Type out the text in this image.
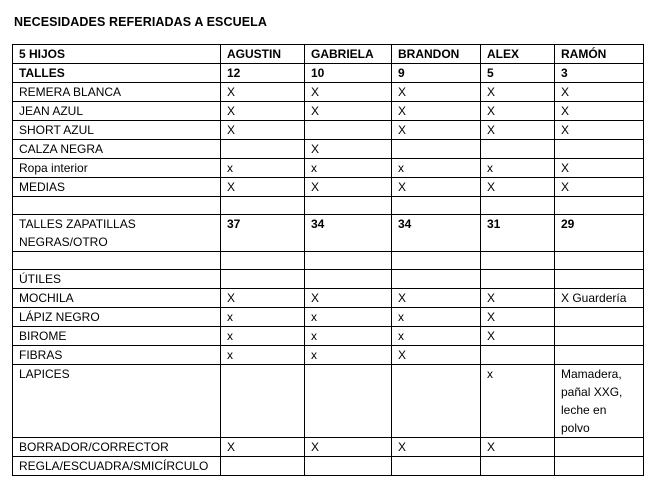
NECESIDADES REFERIADAS A ESCUELA
5 HIJOS	AGUSTIN	GABRIELA	BRANDON	ALEX	RAMÓN
TALLES	12	10	9	5	3
REMERA BLANCA	X	X	X	X	X
JEAN AZUL	X	X	X	X	X
SHORT AZUL	X		X	X	X
CALZA NEGRA		X			
Ropa interior	x	x	x	x	X
MEDIAS	X	X	X	X	X

TALLES ZAPATILLAS NEGRAS/OTRO	37	34	34	31	29

ÚTILES					
MOCHILA	X	X	X	X	X Guardería
LÁPIZ NEGRO	x	x	x	X	
BIROME	x	x	x	X	
FIBRAS	x	x	X		
LAPICES				x	Mamadera, pañal XXG, leche en polvo
BORRADOR/CORRECTOR	X	X	X	X	
REGLA/ESCUADRA/SMICÍRCULO					
